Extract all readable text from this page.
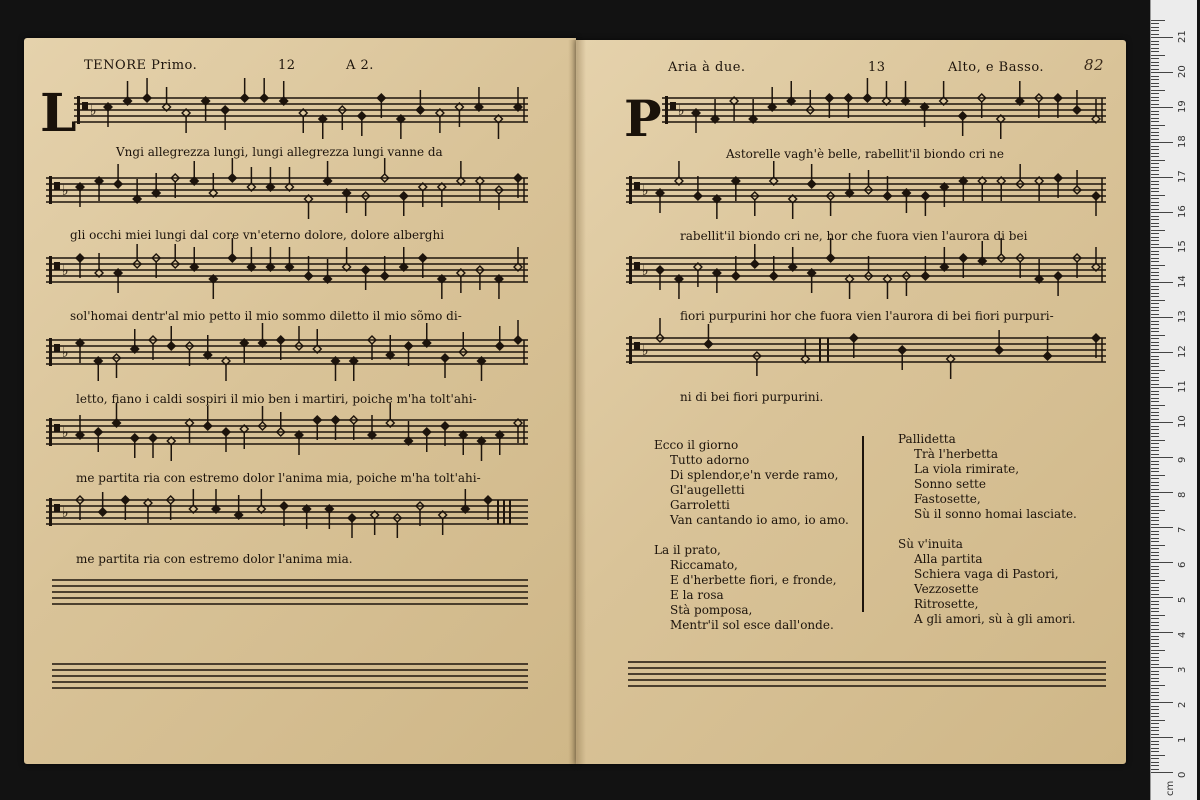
TENORE Primo.	12	A 2.
L
Vngi allegrezza lungi, lungi allegrezza lungi vanne da
gli occhi miei lungi dal core vn'eterno dolore, dolore alberghi
sol'homai dentr'al mio petto il mio sommo diletto il mio sõmo di-
letto, fiano i caldi sospiri il mio ben i martiri, poiche m'ha tolt'ahi-
me partita ria con estremo dolor l'anima mia, poiche m'ha tolt'ahi-
me partita ria con estremo dolor l'anima mia.
Aria à due.	13	Alto, e Basso.	82
P
Astorelle vagh'è belle, rabellit'il biondo cri ne
rabellit'il biondo cri ne, hor che fuora vien l'aurora di bei
fiori purpurini hor che fuora vien l'aurora di bei fiori purpuri-
ni di bei fiori purpurini.
Ecco il giorno
Tutto adorno
Di splendor,e'n verde ramo,
Gl'augelletti
Garroletti
Van cantando io amo, io amo.
La il prato,
Riccamato,
E d'herbette fiori, e fronde,
E la rosa
Stà pomposa,
Mentr'il sol esce dall'onde.
Pallidetta
Trà l'herbetta
La viola rimirate,
Sonno sette
Fastosette,
Sù il sonno homai lasciate.
Sù v'inuita
Alla partita
Schiera vaga di Pastori,
Vezzosette
Ritrosette,
A gli amori, sù à gli amori.
♭
♭
♭
♭
♭
♭
♭
♭
♭
♭
0
1
2
3
4
5
6
7
8
9
10
11
12
13
14
15
16
17
18
19
20
21
cm
